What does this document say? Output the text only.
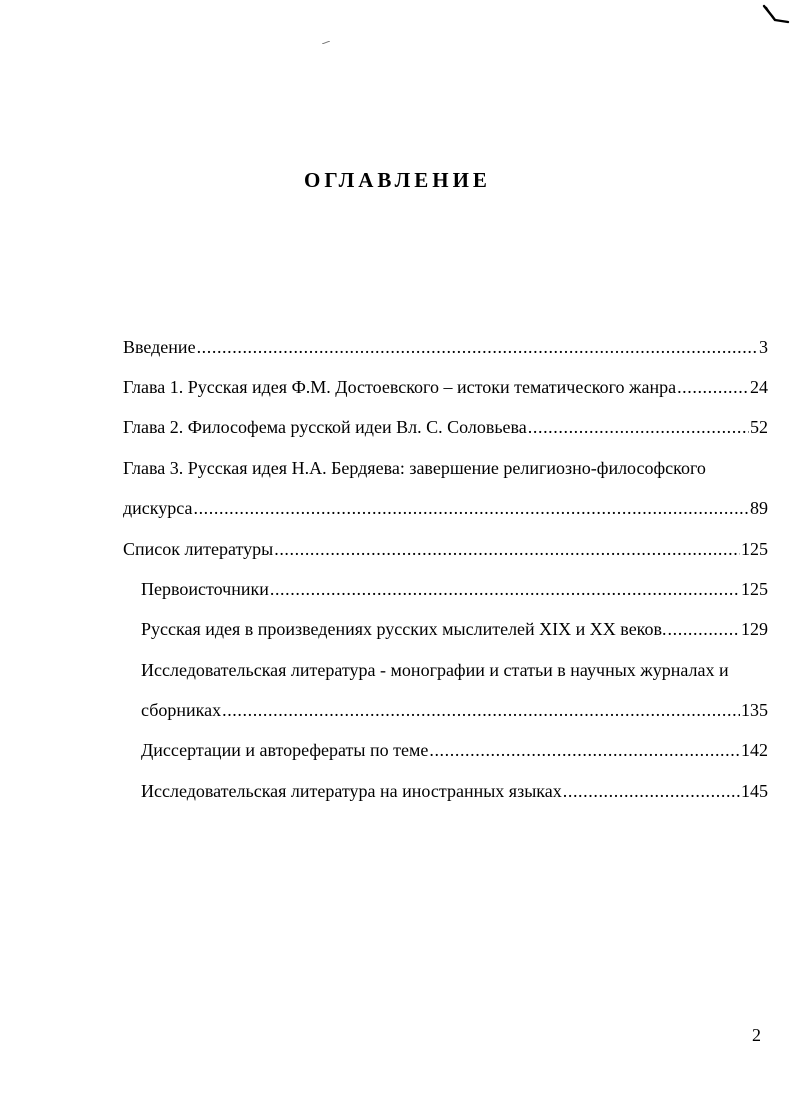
ОГЛАВЛЕНИЕ
Введение .....	3
Глава 1. Русская идея Ф.М. Достоевского – истоки тематического жанра .....	24
Глава 2. Философема русской идеи Вл. С. Соловьева .....	52
Глава 3. Русская идея Н.А. Бердяева: завершение религиозно-философского
дискурса .....	89
Список литературы .....	125
Первоисточники .....	125
Русская идея в произведениях русских мыслителей XIX и XX веков. .....	129
Исследовательская литература - монографии и статьи в научных журналах и
сборниках .....	135
Диссертации и авторефераты по теме .....	142
Исследовательская литература на иностранных языках .....	145
2
